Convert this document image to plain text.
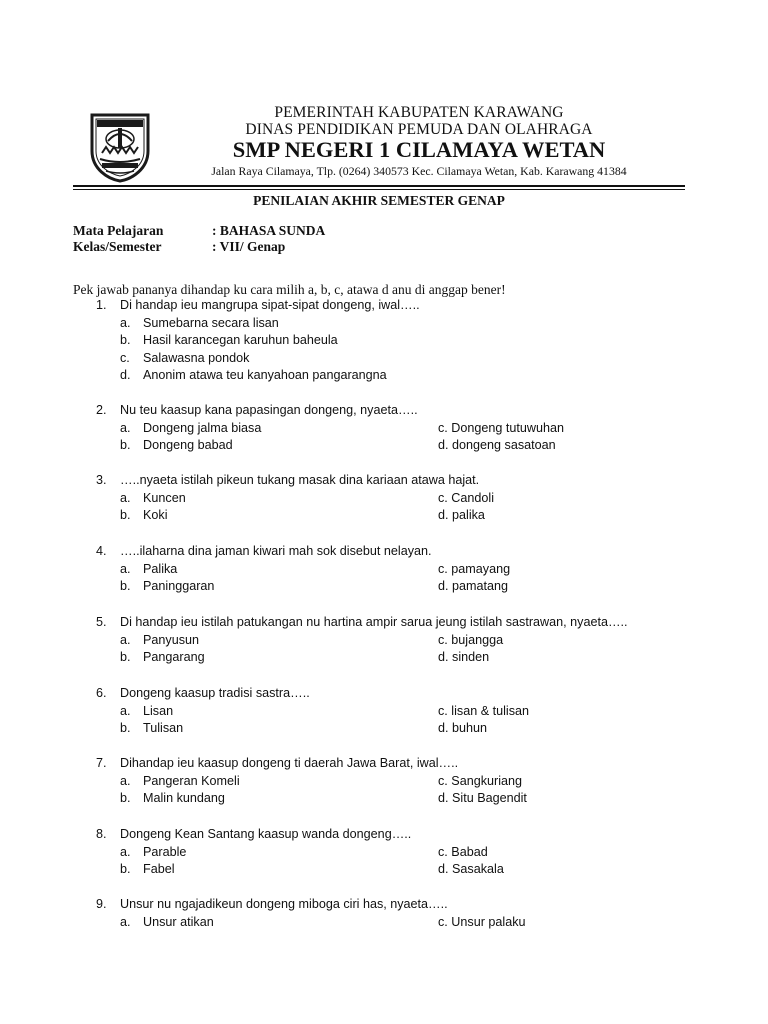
PEMERINTAH KABUPATEN KARAWANG
DINAS PENDIDIKAN PEMUDA DAN OLAHRAGA
SMP NEGERI 1 CILAMAYA WETAN
Jalan Raya Cilamaya, Tlp. (0264) 340573 Kec. Cilamaya Wetan, Kab. Karawang 41384
PENILAIAN AKHIR SEMESTER GENAP
Mata Pelajaran	: BAHASA SUNDA
Kelas/Semester	: VII/ Genap
Pek jawab pananya dihandap ku cara milih a, b, c, atawa d anu di anggap bener!
1. Di handap ieu mangrupa sipat-sipat dongeng, iwal…..
a. Sumebarna secara lisan
b. Hasil karancegan karuhun baheula
c. Salawasna pondok
d. Anonim atawa teu kanyahoan pangarangna
2. Nu teu kaasup kana papasingan dongeng, nyaeta…..
a. Dongeng jalma biasa	c. Dongeng tutuwuhan
b. Dongeng babad	d. dongeng sasatoan
3. …..nyaeta istilah pikeun tukang masak dina kariaan atawa hajat.
a. Kuncen	c. Candoli
b. Koki	d. palika
4. …..ilaharna dina jaman kiwari mah sok disebut nelayan.
a. Palika	c. pamayang
b. Paninggaran	d. pamatang
5. Di handap ieu istilah patukangan nu hartina ampir sarua jeung istilah sastrawan, nyaeta…..
a. Panyusun	c. bujangga
b. Pangarang	d. sinden
6. Dongeng kaasup tradisi sastra…..
a. Lisan	c. lisan & tulisan
b. Tulisan	d. buhun
7. Dihandap ieu kaasup dongeng ti daerah Jawa Barat, iwal…..
a. Pangeran Komeli	c. Sangkuriang
b. Malin kundang	d. Situ Bagendit
8. Dongeng Kean Santang kaasup wanda dongeng…..
a. Parable	c. Babad
b. Fabel	d. Sasakala
9. Unsur nu ngajadikeun dongeng miboga ciri has, nyaeta…..
a. Unsur atikan	c. Unsur palaku
